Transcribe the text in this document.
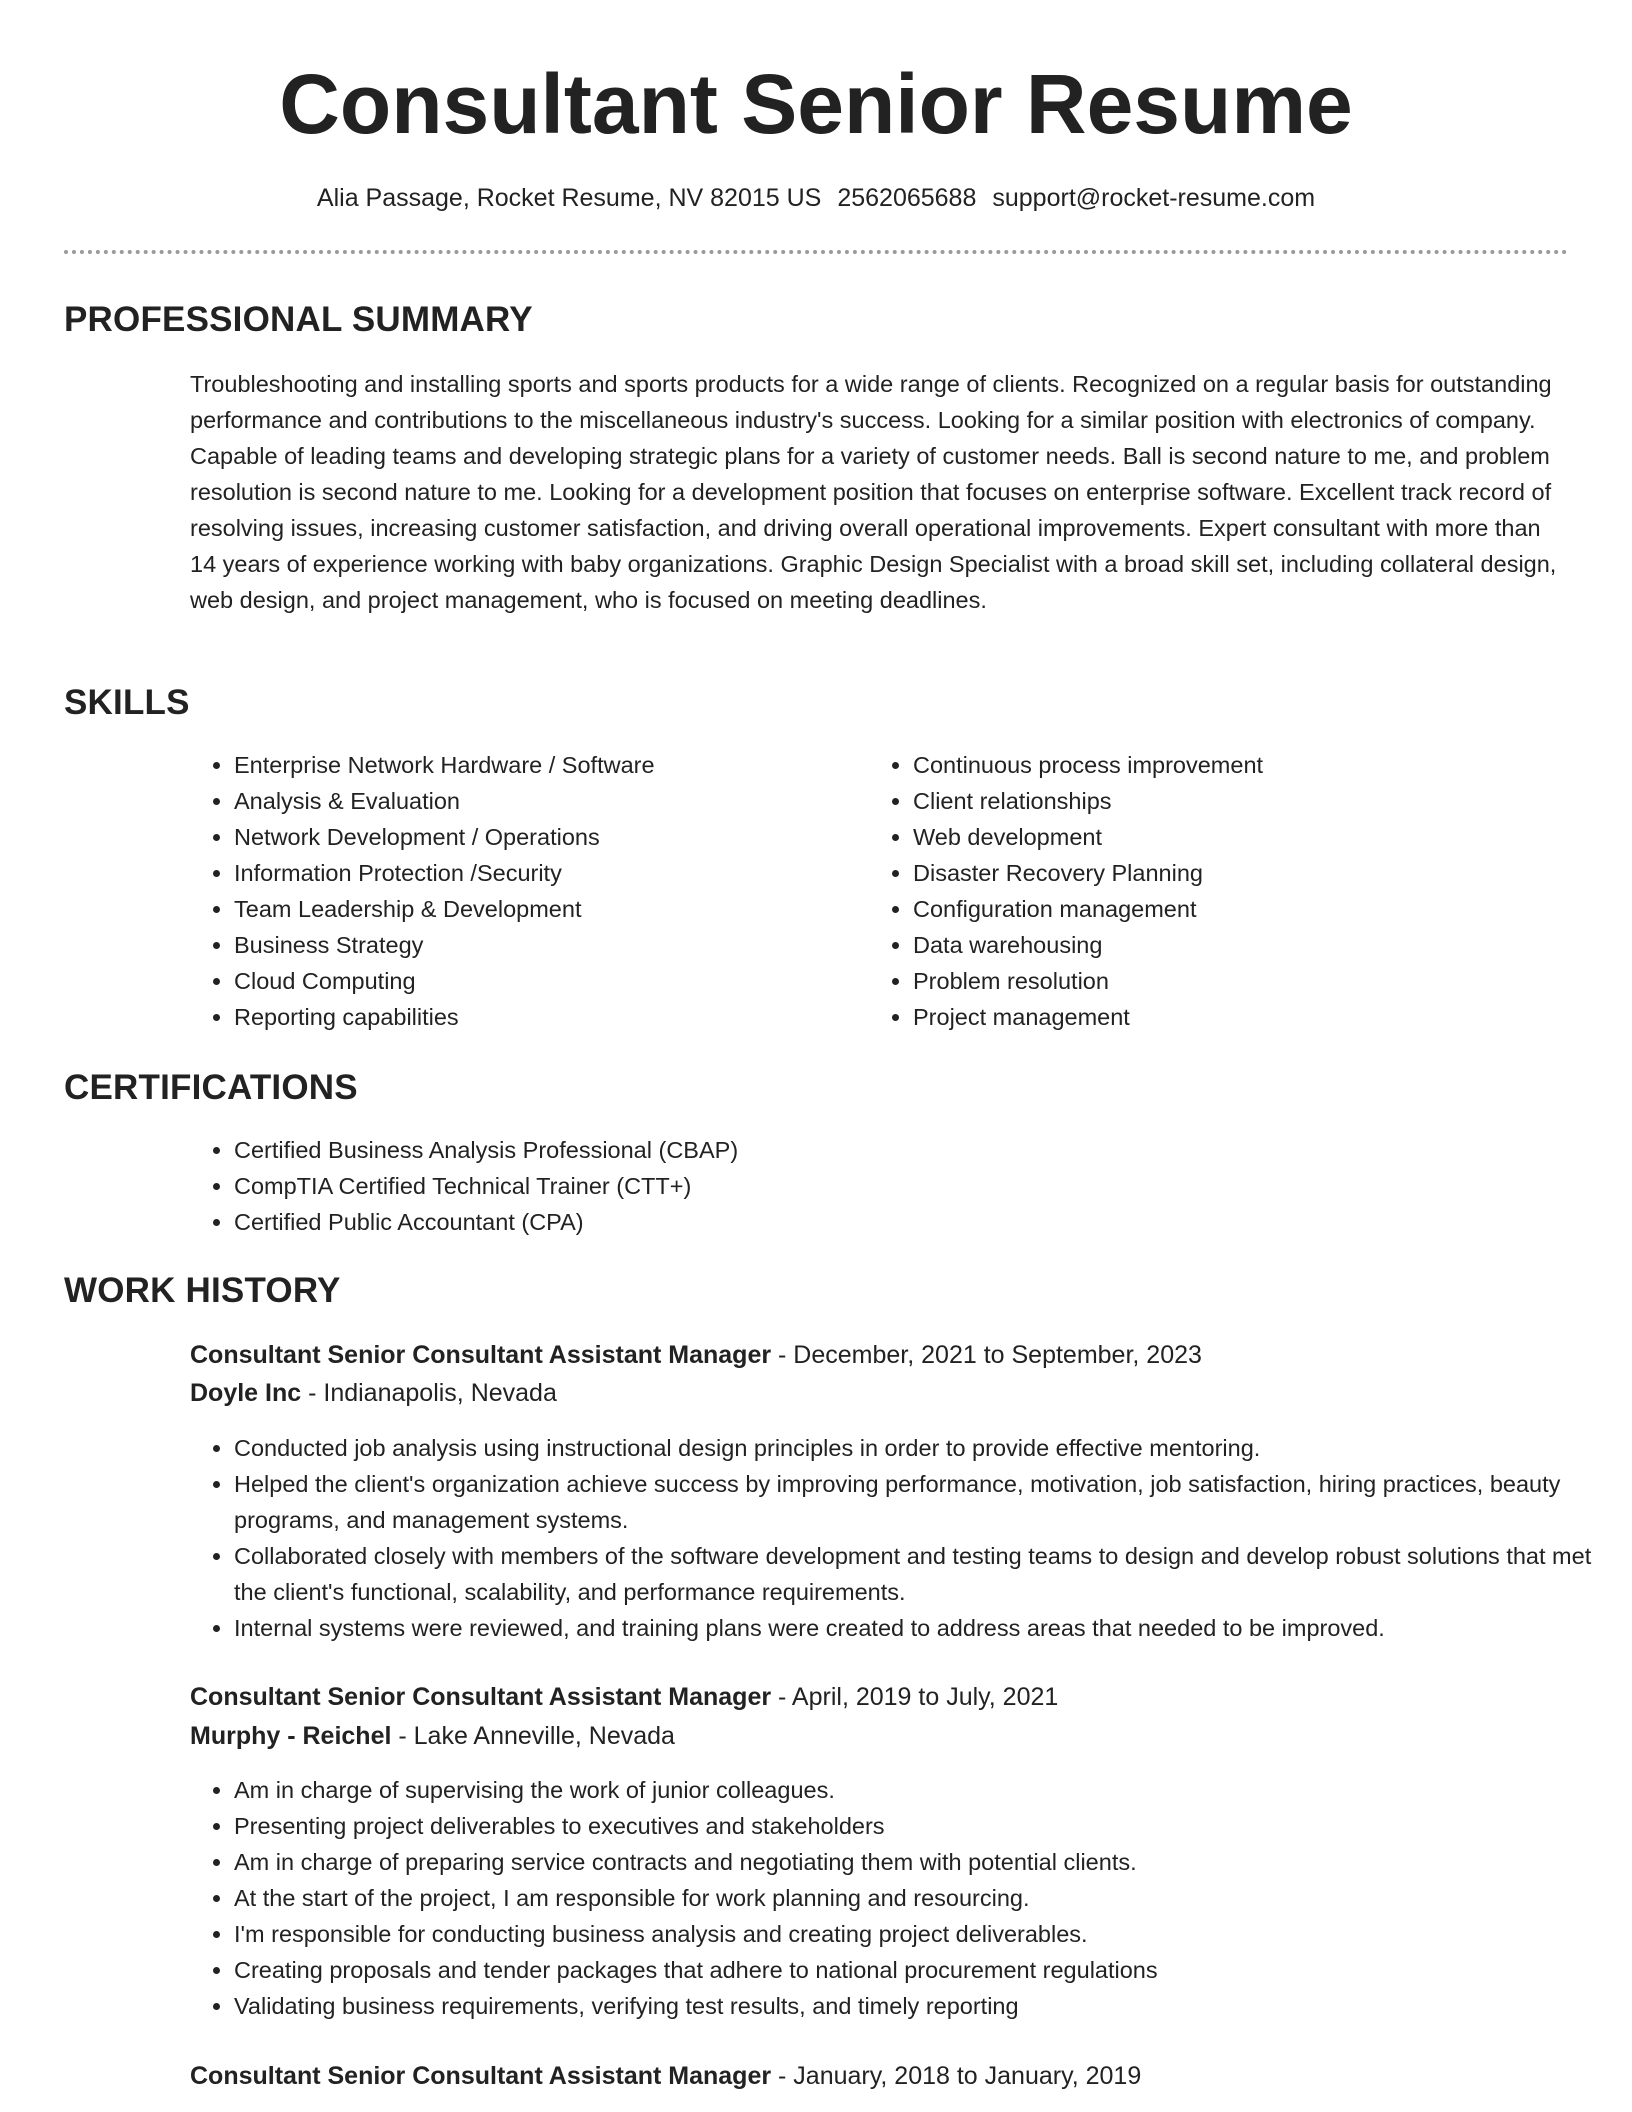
Consultant Senior Resume
Alia Passage, Rocket Resume, NV 82015 US 2562065688 support@rocket-resume.com
PROFESSIONAL SUMMARY

Troubleshooting and installing sports and sports products for a wide range of clients. Recognized on a regular basis for outstanding performance and contributions to the miscellaneous industry's success. Looking for a similar position with electronics of company. Capable of leading teams and developing strategic plans for a variety of customer needs. Ball is second nature to me, and problem resolution is second nature to me. Looking for a development position that focuses on enterprise software. Excellent track record of resolving issues, increasing customer satisfaction, and driving overall operational improvements. Expert consultant with more than 14 years of experience working with baby organizations. Graphic Design Specialist with a broad skill set, including collateral design, web design, and project management, who is focused on meeting deadlines.

SKILLS
• Enterprise Network Hardware / Software
• Analysis & Evaluation
• Network Development / Operations
• Information Protection /Security
• Team Leadership & Development
• Business Strategy
• Cloud Computing
• Reporting capabilities
• Continuous process improvement
• Client relationships
• Web development
• Disaster Recovery Planning
• Configuration management
• Data warehousing
• Problem resolution
• Project management
CERTIFICATIONS
• Certified Business Analysis Professional (CBAP)
• CompTIA Certified Technical Trainer (CTT+)
• Certified Public Accountant (CPA)
WORK HISTORY
Consultant Senior Consultant Assistant Manager - December, 2021 to September, 2023
Doyle Inc - Indianapolis, Nevada
• Conducted job analysis using instructional design principles in order to provide effective mentoring.
• Helped the client's organization achieve success by improving performance, motivation, job satisfaction, hiring practices, beauty programs, and management systems.
• Collaborated closely with members of the software development and testing teams to design and develop robust solutions that met the client's functional, scalability, and performance requirements.
• Internal systems were reviewed, and training plans were created to address areas that needed to be improved.
Consultant Senior Consultant Assistant Manager - April, 2019 to July, 2021
Murphy - Reichel - Lake Anneville, Nevada
• Am in charge of supervising the work of junior colleagues.
• Presenting project deliverables to executives and stakeholders
• Am in charge of preparing service contracts and negotiating them with potential clients.
• At the start of the project, I am responsible for work planning and resourcing.
• I'm responsible for conducting business analysis and creating project deliverables.
• Creating proposals and tender packages that adhere to national procurement regulations
• Validating business requirements, verifying test results, and timely reporting
Consultant Senior Consultant Assistant Manager - January, 2018 to January, 2019
